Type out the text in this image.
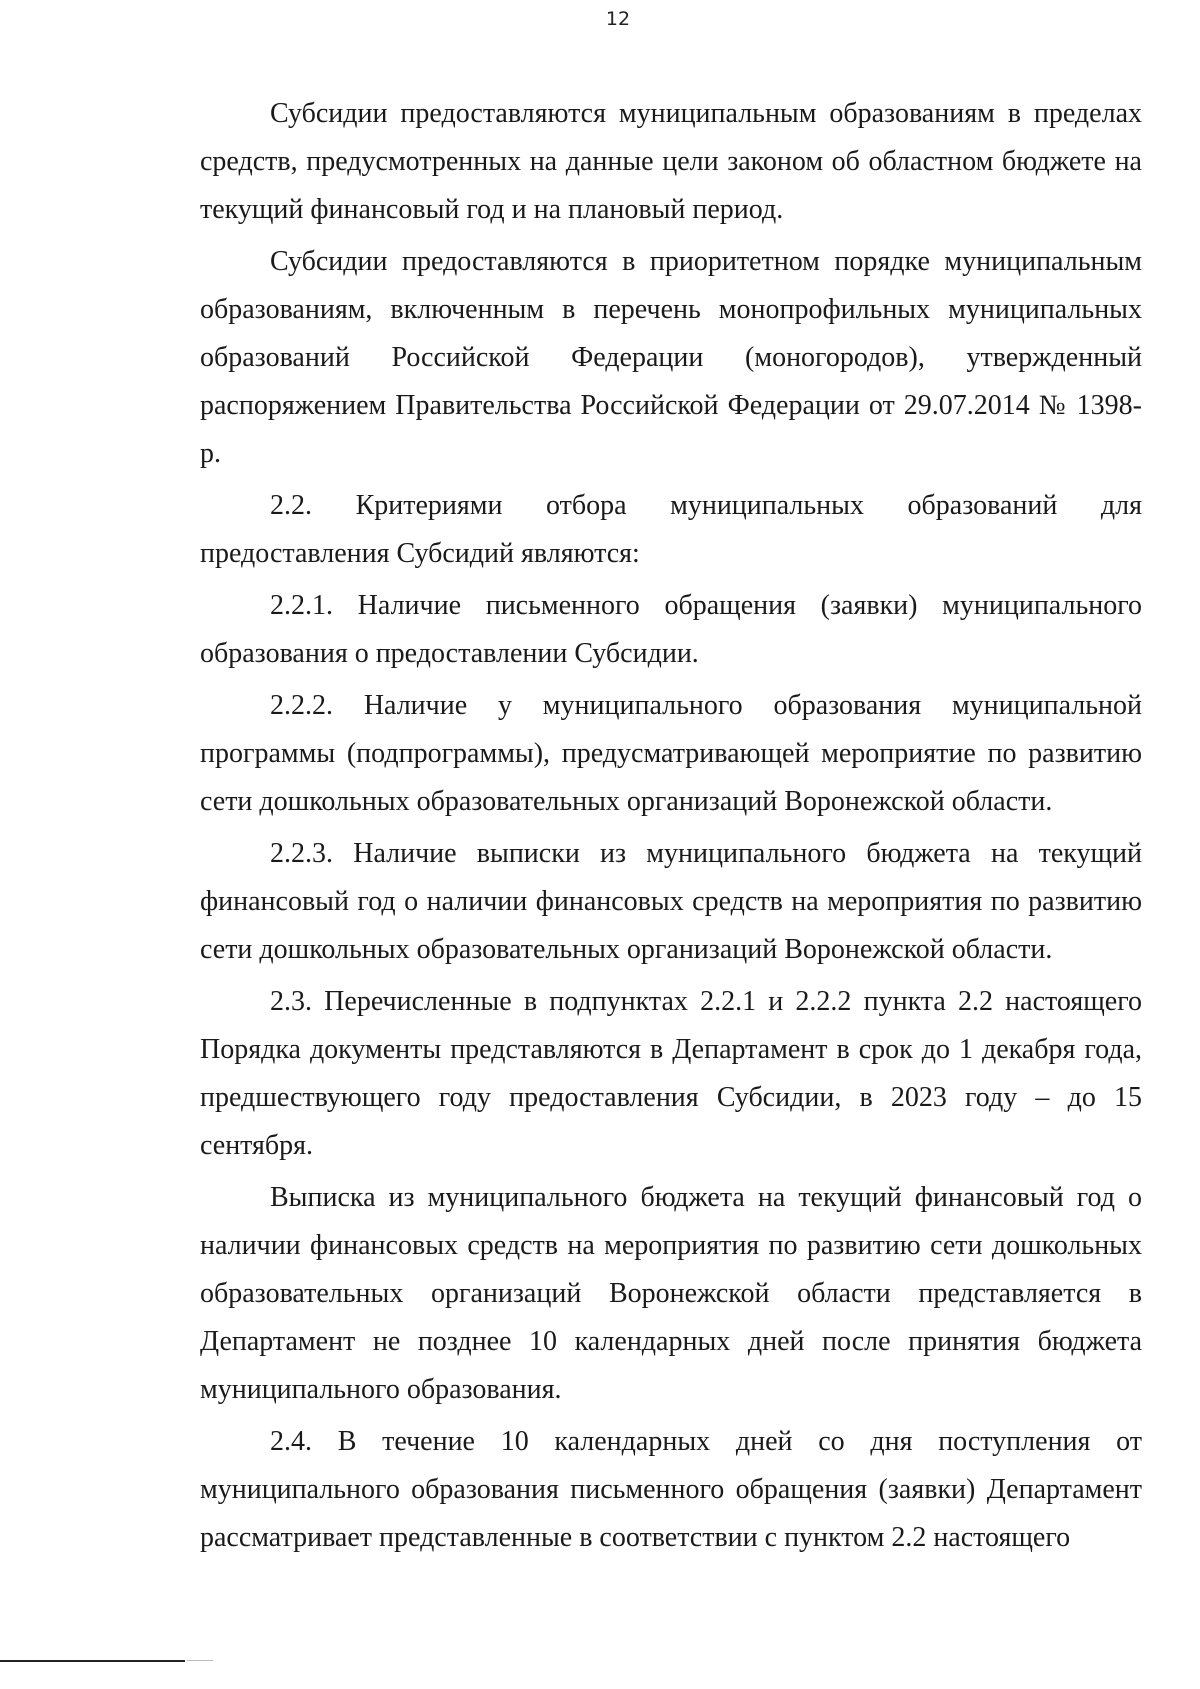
12

Субсидии предоставляются муниципальным образованиям в пределах средств, предусмотренных на данные цели законом об областном бюджете на текущий финансовый год и на плановый период.

Субсидии предоставляются в приоритетном порядке муниципальным образованиям, включенным в перечень монопрофильных муниципальных образований Российской Федерации (моногородов), утвержденный распоряжением Правительства Российской Федерации от 29.07.2014 № 1398-р.

2.2. Критериями отбора муниципальных образований для предоставления Субсидий являются:

2.2.1. Наличие письменного обращения (заявки) муниципального образования о предоставлении Субсидии.

2.2.2. Наличие у муниципального образования муниципальной программы (подпрограммы), предусматривающей мероприятие по развитию сети дошкольных образовательных организаций Воронежской области.

2.2.3. Наличие выписки из муниципального бюджета на текущий финансовый год о наличии финансовых средств на мероприятия по развитию сети дошкольных образовательных организаций Воронежской области.

2.3. Перечисленные в подпунктах 2.2.1 и 2.2.2 пункта 2.2 настоящего Порядка документы представляются в Департамент в срок до 1 декабря года, предшествующего году предоставления Субсидии, в 2023 году – до 15 сентября.

Выписка из муниципального бюджета на текущий финансовый год о наличии финансовых средств на мероприятия по развитию сети дошкольных образовательных организаций Воронежской области представляется в Департамент не позднее 10 календарных дней после принятия бюджета муниципального образования.

2.4. В течение 10 календарных дней со дня поступления от муниципального образования письменного обращения (заявки) Департамент рассматривает представленные в соответствии с пунктом 2.2 настоящего
